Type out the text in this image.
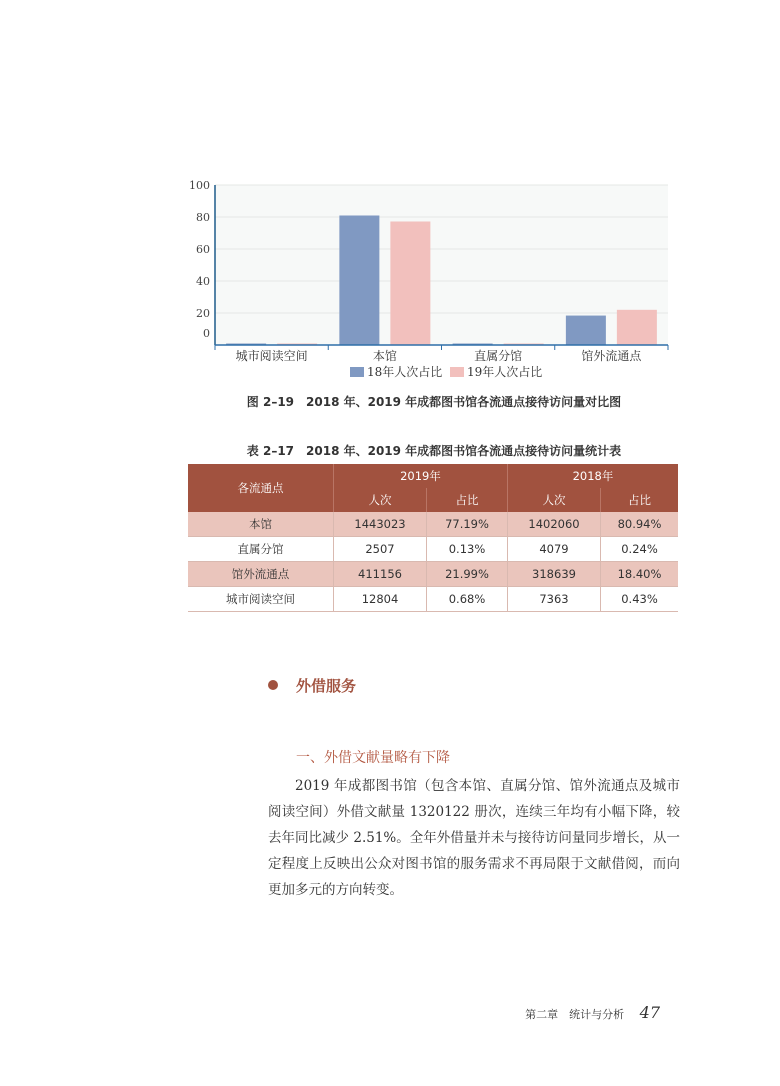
0
20
40
60
80
100
城市阅读空间	本馆	直属分馆	馆外流通点
18年人次占比 19年人次占比
图 2–19　2018 年、2019 年成都图书馆各流通点接待访问量对比图
表 2–17　2018 年、2019 年成都图书馆各流通点接待访问量统计表
各流通点	2019年		2018年	
	人次	占比	人次	占比
本馆	1443023	77.19%	1402060	80.94%
直属分馆	2507	0.13%	4079	0.24%
馆外流通点	411156	21.99%	318639	18.40%
城市阅读空间	12804	0.68%	7363	0.43%
外借服务
一、外借文献量略有下降
2019 年成都图书馆（包含本馆、直属分馆、馆外流通点及城市阅读空间）外借文献量 1320122 册次，连续三年均有小幅下降，较去年同比减少 2.51%。全年外借量并未与接待访问量同步增长，从一定程度上反映出公众对图书馆的服务需求不再局限于文献借阅，而向更加多元的方向转变。
第二章　统计与分析 47
